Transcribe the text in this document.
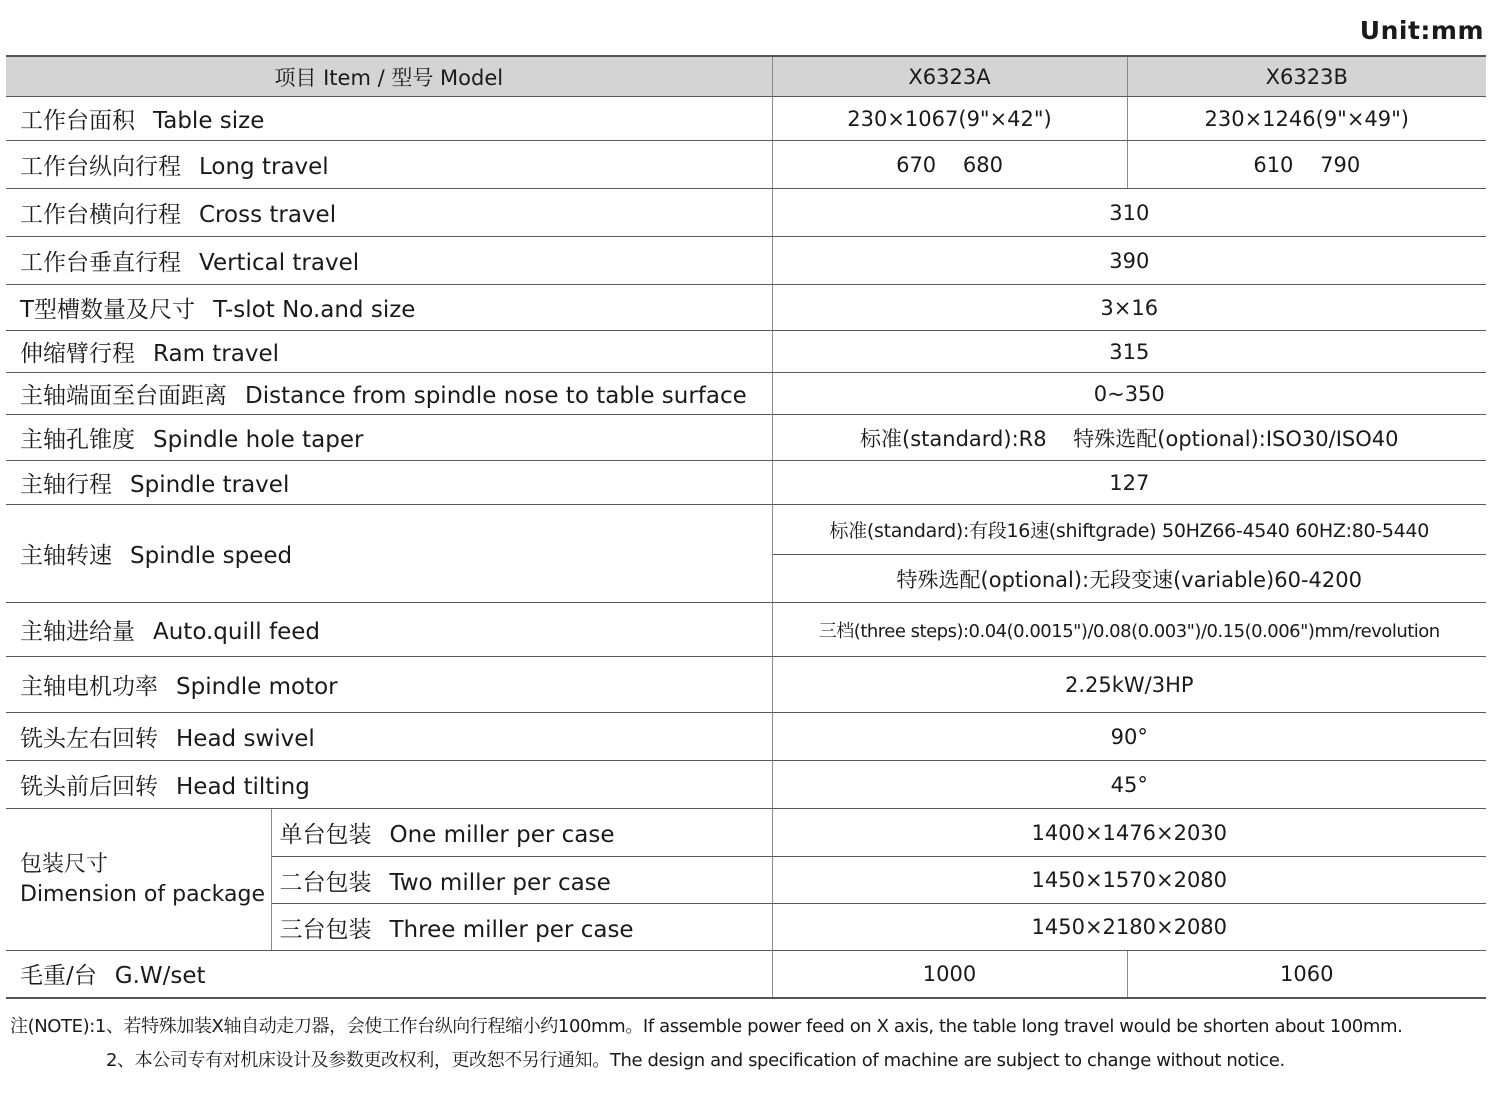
Unit:mm
项目 Item / 型号 Model		X6323A	X6323B
工作台面积 Table size		230×1067(9"×42")	230×1246(9"×49")
工作台纵向行程 Long travel		670    680	610    790
工作台横向行程 Cross travel		310	
工作台垂直行程 Vertical travel		390	
T型槽数量及尺寸 T-slot No.and size		3×16	
伸缩臂行程 Ram travel		315	
主轴端面至台面距离 Distance from spindle nose to table surface		0~350	
主轴孔锥度 Spindle hole taper		标准(standard):R8    特殊选配(optional):ISO30/ISO40	
主轴行程 Spindle travel		127	
主轴转速 Spindle speed		标准(standard):有段16速(shiftgrade) 50HZ66-4540 60HZ:80-5440	
		特殊选配(optional):无段变速(variable)60-4200	
主轴进给量 Auto.quill feed		三档(three steps):0.04(0.0015")/0.08(0.003")/0.15(0.006")mm/revolution	
主轴电机功率 Spindle motor		2.25kW/3HP	
铣头左右回转 Head swivel		90°	
铣头前后回转 Head tilting		45°	

包装尺寸
Dimension of package	单台包装 One miller per case	1400×1476×2030	
	二台包装 Two miller per case	1450×1570×2080	
	三台包装 Three miller per case	1450×2180×2080	
毛重/台 G.W/set		1000	1060
注(NOTE):1、若特殊加装X轴自动走刀器，会使工作台纵向行程缩小约100mm。If assemble power feed on X axis, the table long travel would be shorten about 100mm.
2、本公司专有对机床设计及参数更改权利，更改恕不另行通知。The design and specification of machine are subject to change without notice.
